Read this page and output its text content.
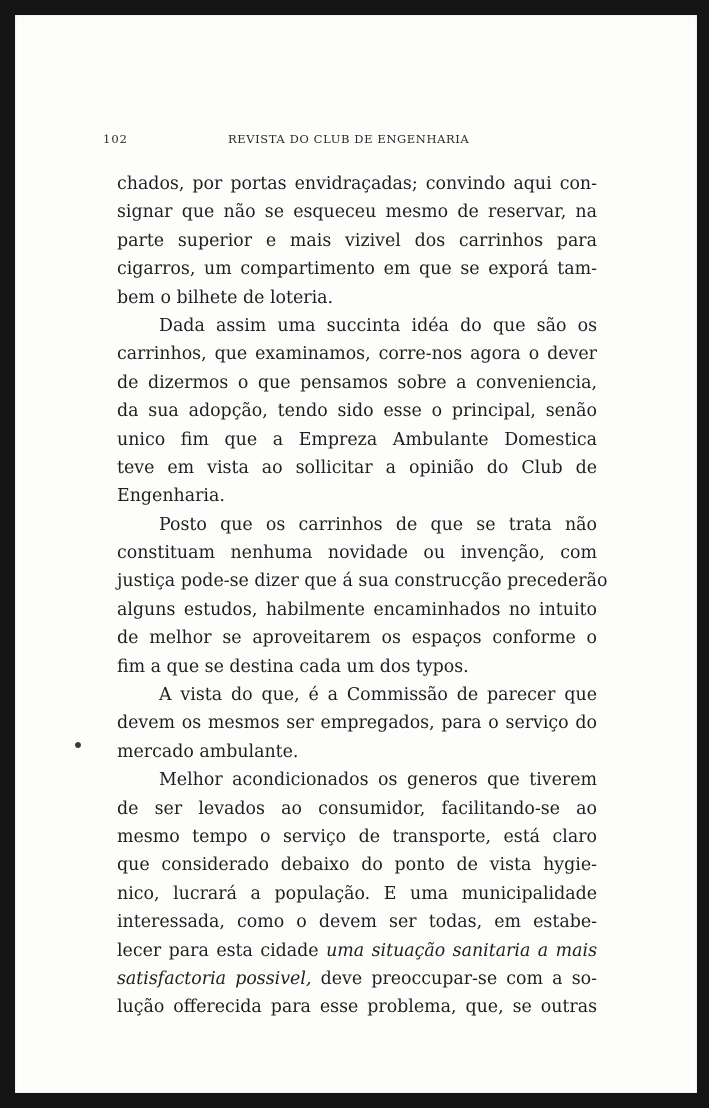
102	REVISTA DO CLUB DE ENGENHARIA
chados, por portas envidraçadas; convindo aqui con-
signar que não se esqueceu mesmo de reservar, na
parte superior e mais vizivel dos carrinhos para
cigarros, um compartimento em que se exporá tam-
bem o bilhete de loteria.
Dada assim uma succinta idéa do que são os
carrinhos, que examinamos, corre-nos agora o dever
de dizermos o que pensamos sobre a conveniencia,
da sua adopção, tendo sido esse o principal, senão
unico fim que a Empreza Ambulante Domestica
teve em vista ao sollicitar a opinião do Club de
Engenharia.
Posto que os carrinhos de que se trata não
constituam nenhuma novidade ou invenção, com
justiça pode-se dizer que á sua construcção precederão
alguns estudos, habilmente encaminhados no intuito
de melhor se aproveitarem os espaços conforme o
fim a que se destina cada um dos typos.
A vista do que, é a Commissão de parecer que
devem os mesmos ser empregados, para o serviço do
mercado ambulante.
Melhor acondicionados os generos que tiverem
de ser levados ao consumidor, facilitando-se ao
mesmo tempo o serviço de transporte, está claro
que considerado debaixo do ponto de vista hygie-
nico, lucrará a população. E uma municipalidade
interessada, como o devem ser todas, em estabe-
lecer para esta cidade uma situação sanitaria a mais
satisfactoria possivel, deve preoccupar-se com a so-
lução offerecida para esse problema, que, se outras
